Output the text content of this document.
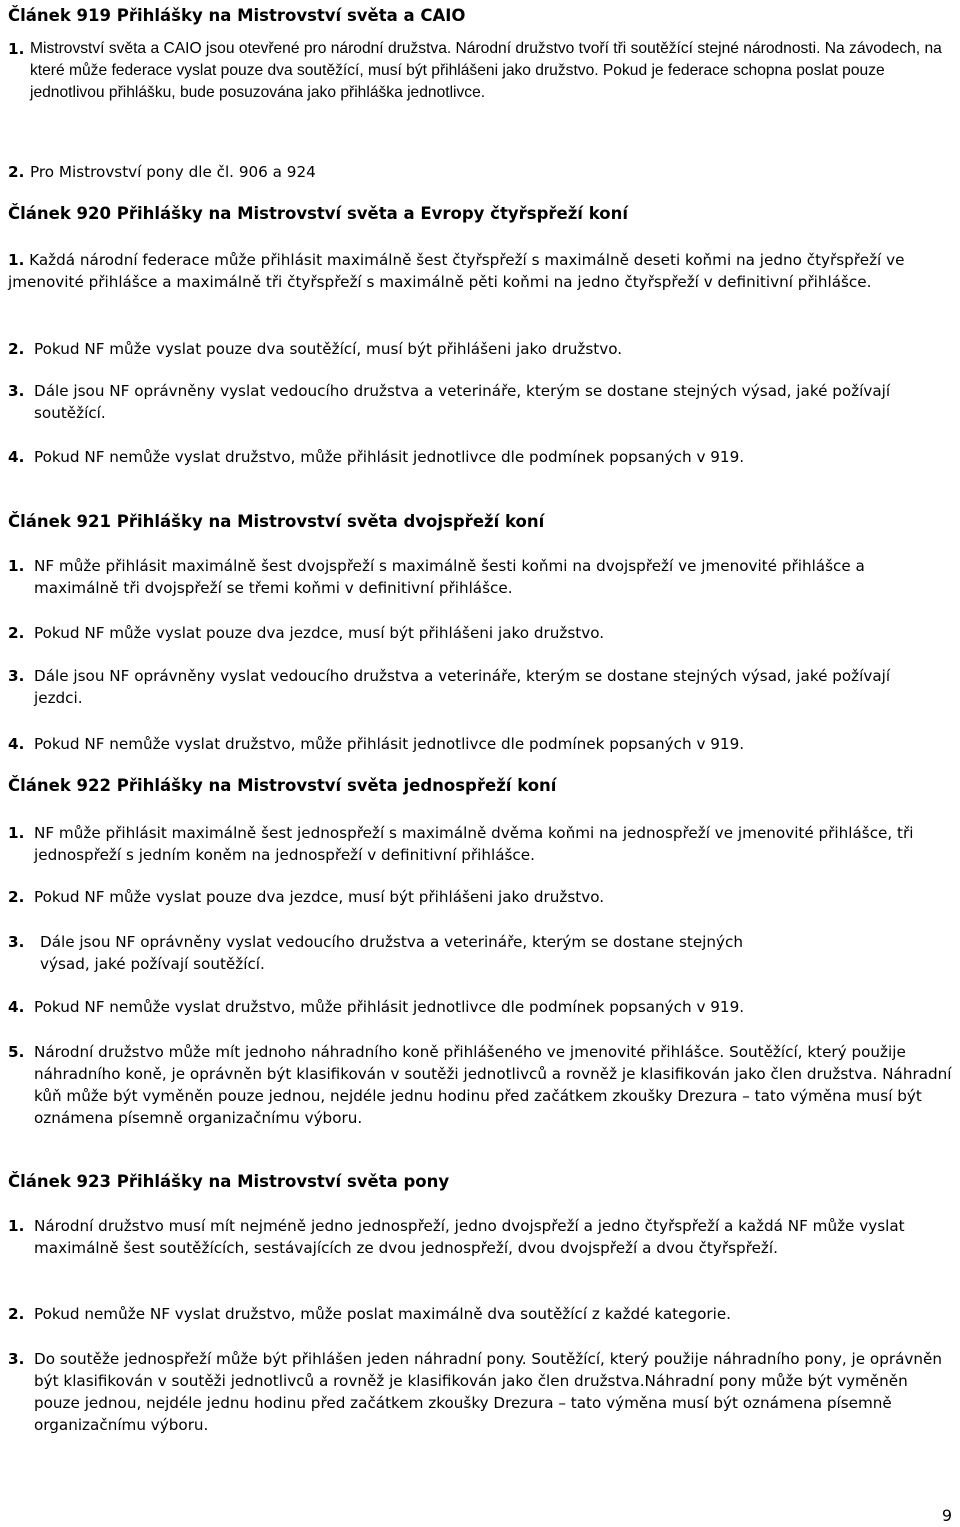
Článek 919 Přihlášky na Mistrovství světa a CAIO
1. Mistrovství světa a CAIO jsou otevřené pro národní družstva. Národní družstvo tvoří tři soutěžící stejné národnosti. Na závodech, na které může federace vyslat pouze dva soutěžící, musí být přihlášeni jako družstvo. Pokud je federace schopna poslat pouze jednotlivou přihlášku, bude posuzována jako přihláška jednotlivce.
2. Pro Mistrovství pony dle čl. 906 a 924
Článek 920 Přihlášky na Mistrovství světa a Evropy čtyřspřeží koní
1. Každá národní federace může přihlásit maximálně šest čtyřspřeží s maximálně deseti koňmi na jedno čtyřspřeží ve jmenovité přihlášce a maximálně tři čtyřspřeží s maximálně pěti koňmi na jedno čtyřspřeží v definitivní přihlášce.
2. Pokud NF může vyslat pouze dva soutěžící, musí být přihlášeni jako družstvo.
3. Dále jsou NF oprávněny vyslat vedoucího družstva a veterináře, kterým se dostane stejných výsad, jaké požívají soutěžící.
4. Pokud NF nemůže vyslat družstvo, může přihlásit jednotlivce dle podmínek popsaných v 919.
Článek 921 Přihlášky na Mistrovství světa dvojspřeží koní
1. NF může přihlásit maximálně šest dvojspřeží s maximálně šesti koňmi na dvojspřeží ve jmenovité přihlášce a maximálně tři dvojspřeží se třemi koňmi v definitivní přihlášce.
2. Pokud NF může vyslat pouze dva jezdce, musí být přihlášeni jako družstvo.
3. Dále jsou NF oprávněny vyslat vedoucího družstva a veterináře, kterým se dostane stejných výsad, jaké požívají jezdci.
4. Pokud NF nemůže vyslat družstvo, může přihlásit jednotlivce dle podmínek popsaných v 919.
Článek 922 Přihlášky na Mistrovství světa jednospřeží koní
1. NF může přihlásit maximálně šest jednospřeží s maximálně dvěma koňmi na jednospřeží ve jmenovité přihlášce, tři jednospřeží s jedním koněm na jednospřeží v definitivní přihlášce.
2. Pokud NF může vyslat pouze dva jezdce, musí být přihlášeni jako družstvo.
3.	Dále jsou NF oprávněny vyslat vedoucího družstva a veterináře, kterým se dostane stejných výsad, jaké požívají soutěžící.
4. Pokud NF nemůže vyslat družstvo, může přihlásit jednotlivce dle podmínek popsaných v 919.
5. Národní družstvo může mít jednoho náhradního koně přihlášeného ve jmenovité přihlášce. Soutěžící, který použije náhradního koně, je oprávněn být klasifikován v soutěži jednotlivců a rovněž je klasifikován jako člen družstva. Náhradní kůň může být vyměněn pouze jednou, nejdéle jednu hodinu před začátkem zkoušky Drezura – tato výměna musí být oznámena písemně organizačnímu výboru.
Článek 923 Přihlášky na Mistrovství světa pony
1. Národní družstvo musí mít nejméně jedno jednospřeží, jedno dvojspřeží a jedno čtyřspřeží a každá NF může vyslat maximálně šest soutěžících, sestávajících ze dvou jednospřeží, dvou dvojspřeží a dvou čtyřspřeží.
2. Pokud nemůže NF vyslat družstvo, může poslat maximálně dva soutěžící z každé kategorie.
3. Do soutěže jednospřeží může být přihlášen jeden náhradní pony. Soutěžící, který použije náhradního pony, je oprávněn být klasifikován v soutěži jednotlivců a rovněž je klasifikován jako člen družstva.Náhradní pony může být vyměněn pouze jednou, nejdéle jednu hodinu před začátkem zkoušky Drezura – tato výměna musí být oznámena písemně organizačnímu výboru.
9
